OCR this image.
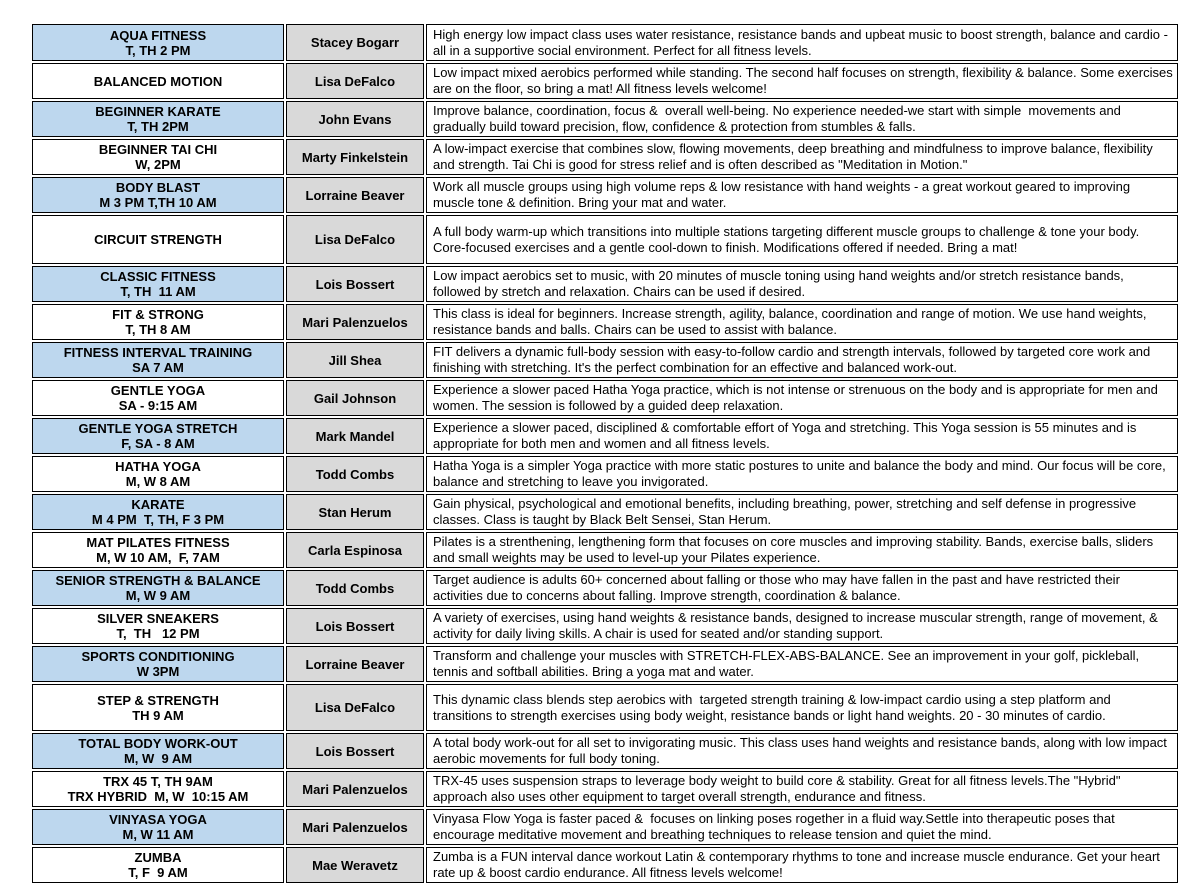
AQUA FITNESS
T, TH 2 PM	Stacey Bogarr	High energy low impact class uses water resistance, resistance bands and upbeat music to boost strength, balance and cardio - all in a supportive social environment. Perfect for all fitness levels.

BALANCED MOTION	Lisa DeFalco	Low impact mixed aerobics performed while standing. The second half focuses on strength, flexibility & balance. Some exercises are on the floor, so bring a mat! All fitness levels welcome!

BEGINNER KARATE
T, TH 2PM	John Evans	Improve balance, coordination, focus &  overall well-being. No experience needed-we start with simple  movements and gradually build toward precision, flow, confidence & protection from stumbles & falls.

BEGINNER TAI CHI
W, 2PM	Marty Finkelstein	A low-impact exercise that combines slow, flowing movements, deep breathing and mindfulness to improve balance, flexibility and strength. Tai Chi is good for stress relief and is often described as "Meditation in Motion."

BODY BLAST
M 3 PM T,TH 10 AM	Lorraine Beaver	Work all muscle groups using high volume reps & low resistance with hand weights - a great workout geared to improving muscle tone & definition. Bring your mat and water.

CIRCUIT STRENGTH	Lisa DeFalco	A full body warm-up which transitions into multiple stations targeting different muscle groups to challenge & tone your body. Core-focused exercises and a gentle cool-down to finish. Modifications offered if needed. Bring a mat!

CLASSIC FITNESS
T, TH  11 AM	Lois Bossert	Low impact aerobics set to music, with 20 minutes of muscle toning using hand weights and/or stretch resistance bands, followed by stretch and relaxation. Chairs can be used if desired.

FIT & STRONG
T, TH 8 AM	Mari Palenzuelos	This class is ideal for beginners. Increase strength, agility, balance, coordination and range of motion. We use hand weights, resistance bands and balls. Chairs can be used to assist with balance.

FITNESS INTERVAL TRAINING
SA 7 AM	Jill Shea	FIT delivers a dynamic full-body session with easy-to-follow cardio and strength intervals, followed by targeted core work and finishing with stretching. It's the perfect combination for an effective and balanced work-out.

GENTLE YOGA
SA - 9:15 AM	Gail Johnson	Experience a slower paced Hatha Yoga practice, which is not intense or strenuous on the body and is appropriate for men and women. The session is followed by a guided deep relaxation.

GENTLE YOGA STRETCH
F, SA - 8 AM	Mark Mandel	Experience a slower paced, disciplined & comfortable effort of Yoga and stretching. This Yoga session is 55 minutes and is appropriate for both men and women and all fitness levels.

HATHA YOGA
M, W 8 AM	Todd Combs	Hatha Yoga is a simpler Yoga practice with more static postures to unite and balance the body and mind. Our focus will be core, balance and stretching to leave you invigorated.

KARATE
M 4 PM  T, TH, F 3 PM	Stan Herum	Gain physical, psychological and emotional benefits, including breathing, power, stretching and self defense in progressive classes. Class is taught by Black Belt Sensei, Stan Herum.

MAT PILATES FITNESS
M, W 10 AM,  F, 7AM	Carla Espinosa	Pilates is a strenthening, lengthening form that focuses on core muscles and improving stability. Bands, exercise balls, sliders and small weights may be used to level-up your Pilates experience.

SENIOR STRENGTH & BALANCE
M, W 9 AM	Todd Combs	Target audience is adults 60+ concerned about falling or those who may have fallen in the past and have restricted their activities due to concerns about falling. Improve strength, coordination & balance.

SILVER SNEAKERS
T,  TH   12 PM	Lois Bossert	A variety of exercises, using hand weights & resistance bands, designed to increase muscular strength, range of movement, & activity for daily living skills. A chair is used for seated and/or standing support.

SPORTS CONDITIONING
W 3PM	Lorraine Beaver	Transform and challenge your muscles with STRETCH-FLEX-ABS-BALANCE. See an improvement in your golf, pickleball, tennis and softball abilities. Bring a yoga mat and water.

STEP & STRENGTH
TH 9 AM	Lisa DeFalco	This dynamic class blends step aerobics with  targeted strength training & low-impact cardio using a step platform and transitions to strength exercises using body weight, resistance bands or light hand weights. 20 - 30 minutes of cardio.

TOTAL BODY WORK-OUT
M, W  9 AM	Lois Bossert	A total body work-out for all set to invigorating music. This class uses hand weights and resistance bands, along with low impact aerobic movements for full body toning.

TRX 45 T, TH 9AM
TRX HYBRID  M, W  10:15 AM	Mari Palenzuelos	TRX-45 uses suspension straps to leverage body weight to build core & stability. Great for all fitness levels.The "Hybrid" approach also uses other equipment to target overall strength, endurance and fitness.

VINYASA YOGA
M, W 11 AM	Mari Palenzuelos	Vinyasa Flow Yoga is faster paced &  focuses on linking poses rogether in a fluid way.Settle into therapeutic poses that encourage meditative movement and breathing techniques to release tension and quiet the mind.

ZUMBA
T, F  9 AM	Mae Weravetz	Zumba is a FUN interval dance workout Latin & contemporary rhythms to tone and increase muscle endurance. Get your heart rate up & boost cardio endurance. All fitness levels welcome!
